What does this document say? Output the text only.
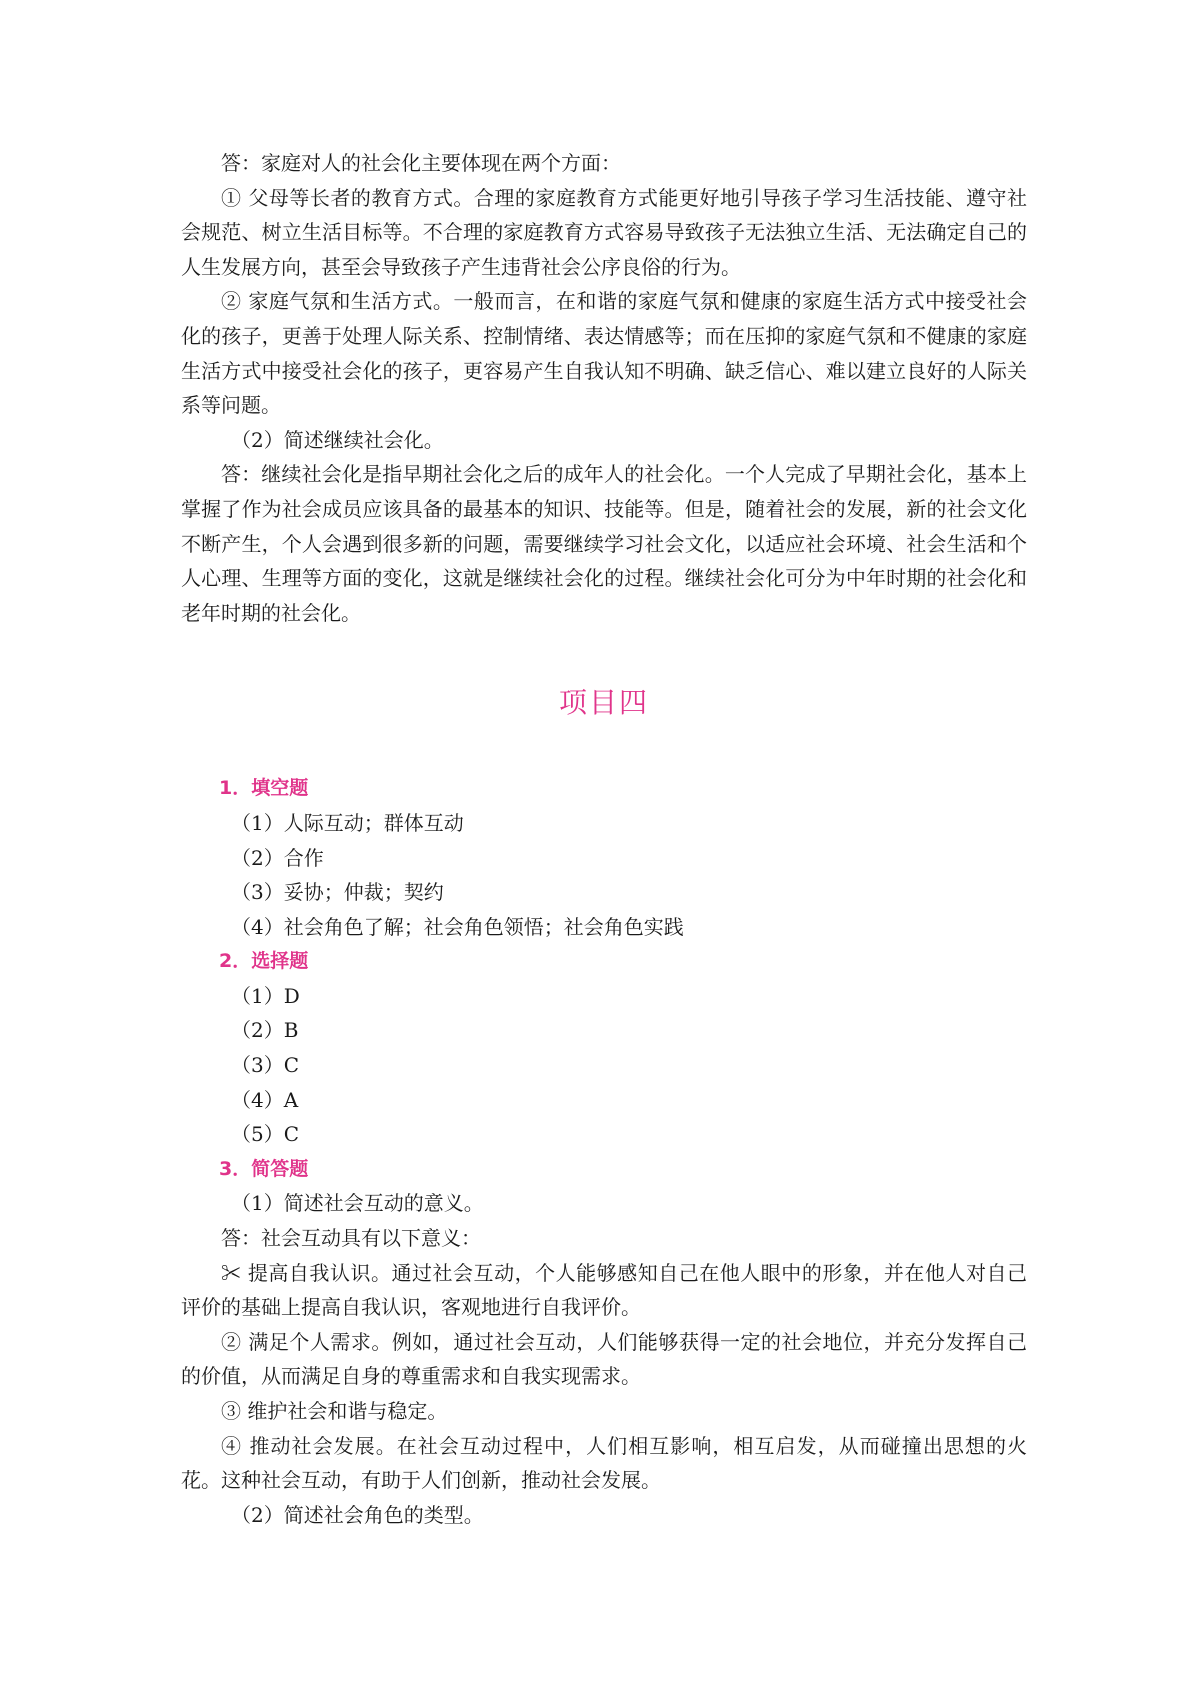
答：家庭对人的社会化主要体现在两个方面：

① 父母等长者的教育方式。合理的家庭教育方式能更好地引导孩子学习生活技能、遵守社会规范、树立生活目标等。不合理的家庭教育方式容易导致孩子无法独立生活、无法确定自己的人生发展方向，甚至会导致孩子产生违背社会公序良俗的行为。

② 家庭气氛和生活方式。一般而言，在和谐的家庭气氛和健康的家庭生活方式中接受社会化的孩子，更善于处理人际关系、控制情绪、表达情感等；而在压抑的家庭气氛和不健康的家庭生活方式中接受社会化的孩子，更容易产生自我认知不明确、缺乏信心、难以建立良好的人际关系等问题。

（2）简述继续社会化。

答：继续社会化是指早期社会化之后的成年人的社会化。一个人完成了早期社会化，基本上掌握了作为社会成员应该具备的最基本的知识、技能等。但是，随着社会的发展，新的社会文化不断产生，个人会遇到很多新的问题，需要继续学习社会文化，以适应社会环境、社会生活和个人心理、生理等方面的变化，这就是继续社会化的过程。继续社会化可分为中年时期的社会化和老年时期的社会化。

项目四

1．填空题

（1）人际互动；群体互动

（2）合作

（3）妥协；仲裁；契约

（4）社会角色了解；社会角色领悟；社会角色实践

2．选择题

（1）D

（2）B

（3）C

（4）A

（5）C

3．简答题

（1）简述社会互动的意义。

答：社会互动具有以下意义：

✂ 提高自我认识。通过社会互动，个人能够感知自己在他人眼中的形象，并在他人对自己评价的基础上提高自我认识，客观地进行自我评价。

② 满足个人需求。例如，通过社会互动，人们能够获得一定的社会地位，并充分发挥自己的价值，从而满足自身的尊重需求和自我实现需求。

③ 维护社会和谐与稳定。

④ 推动社会发展。在社会互动过程中，人们相互影响，相互启发，从而碰撞出思想的火花。这种社会互动，有助于人们创新，推动社会发展。

（2）简述社会角色的类型。
